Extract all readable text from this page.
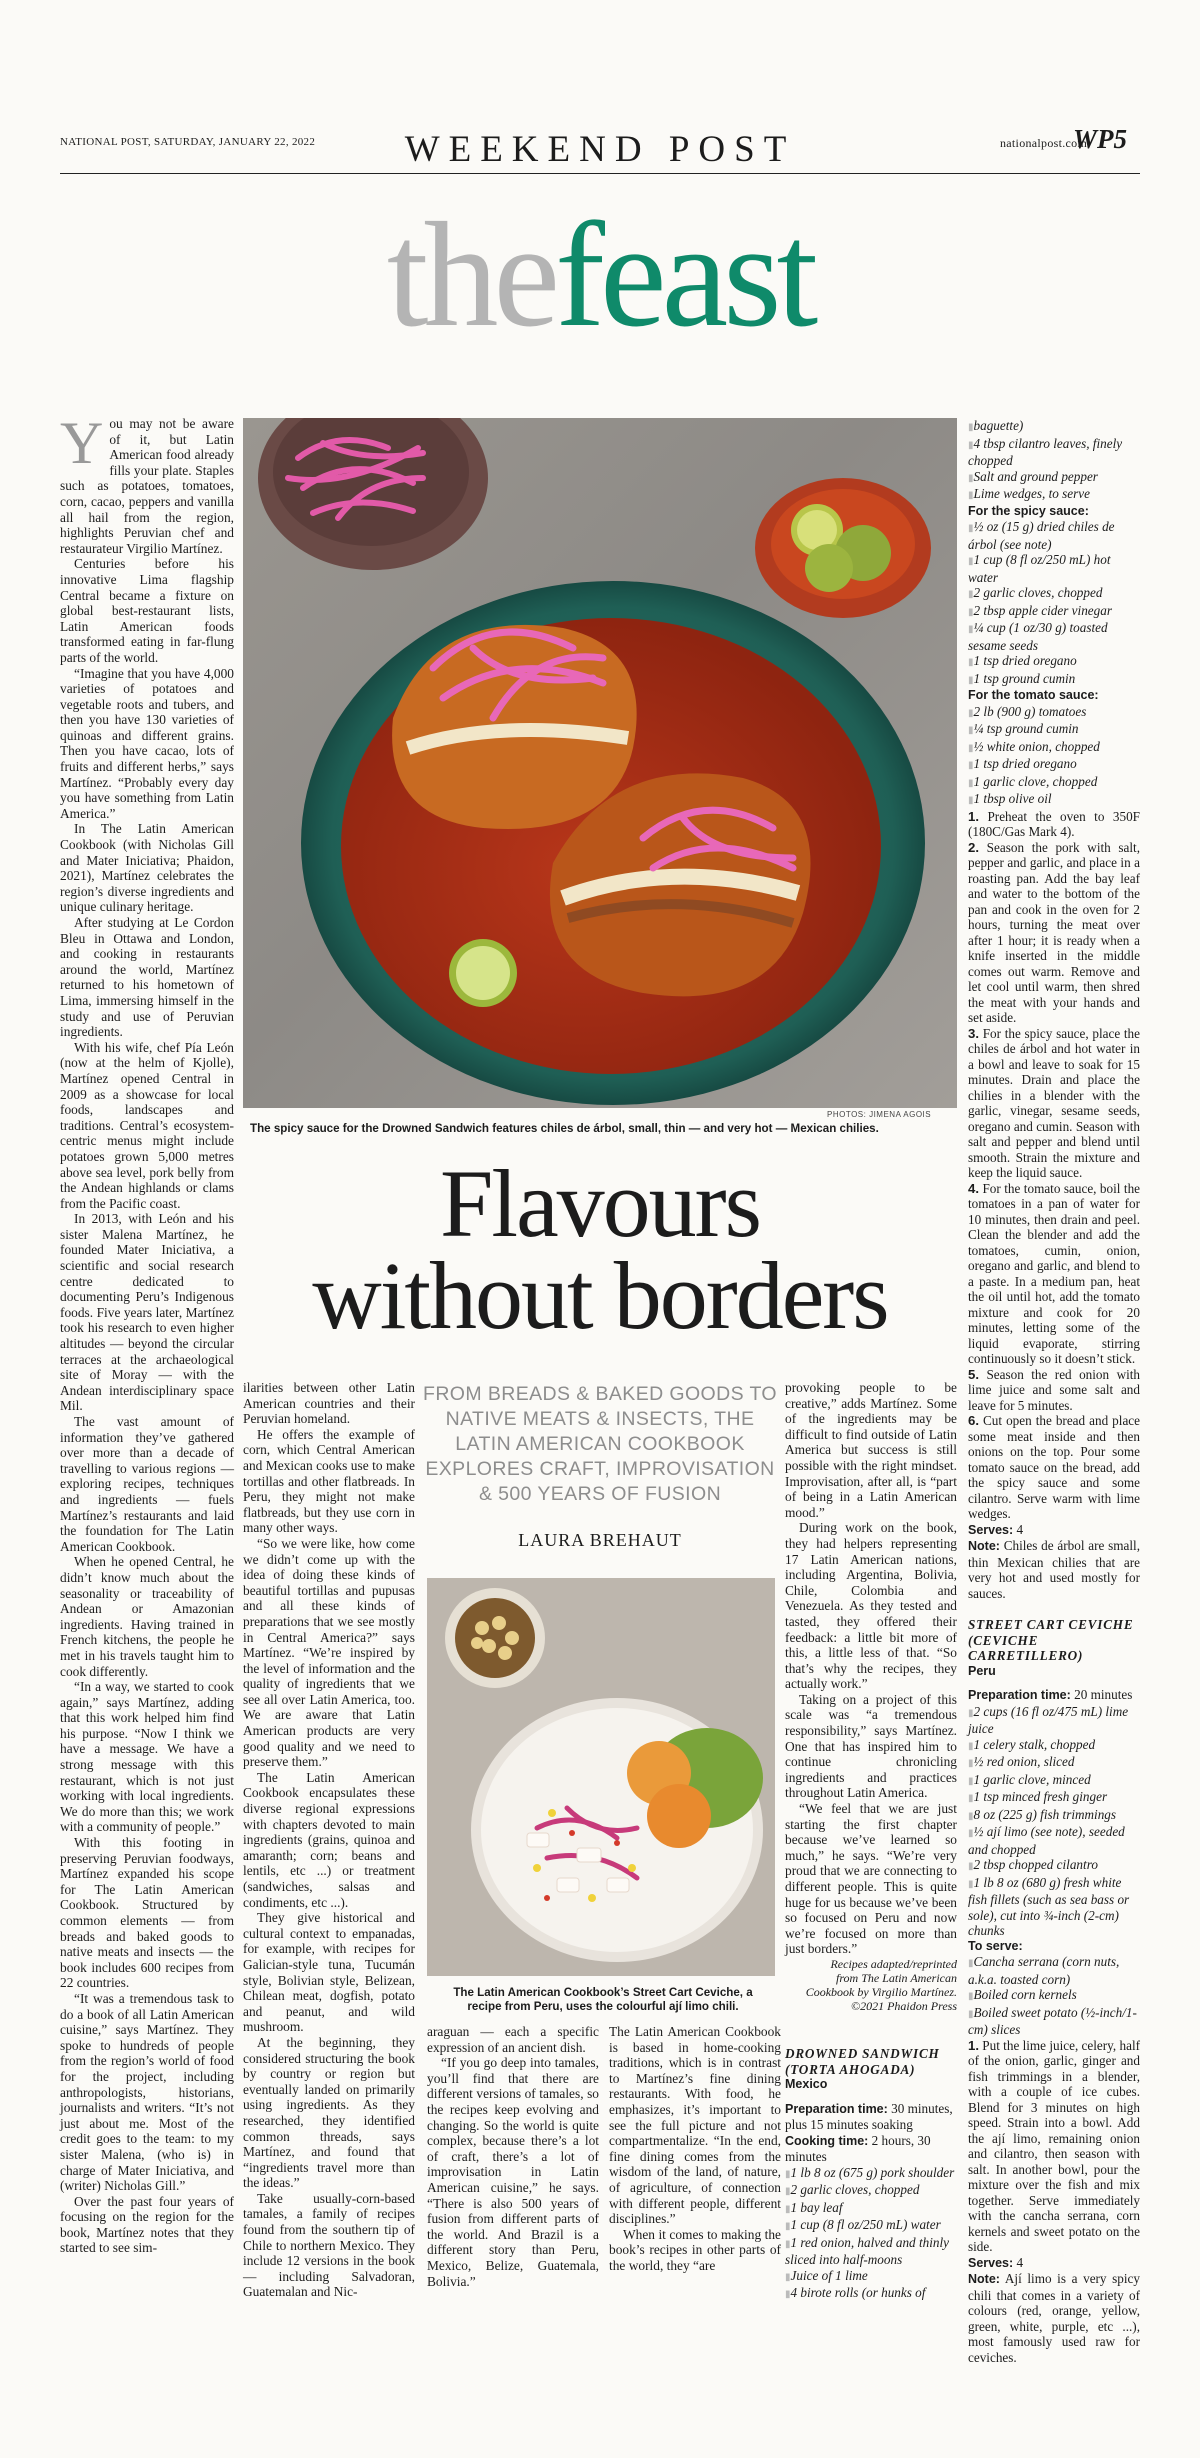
NATIONAL POST, SATURDAY, JANUARY 22, 2022	WEEKEND POST	nationalpost.com
WP5
thefeast
Y ou may not be aware of it, but Latin American food already fills your plate. Staples such as potatoes, tomatoes, corn, cacao, peppers and vanilla all hail from the region, highlights Peruvian chef and restaurateur Virgilio Martínez.

Centuries before his innovative Lima flagship Central became a fixture on global best-restaurant lists, Latin American foods transformed eating in far-flung parts of the world.

“Imagine that you have 4,000 varieties of potatoes and vegetable roots and tubers, and then you have 130 varieties of quinoas and different grains. Then you have cacao, lots of fruits and different herbs,” says Martínez. “Probably every day you have something from Latin America.”

In The Latin American Cookbook (with Nicholas Gill and Mater Iniciativa; Phaidon, 2021), Martínez celebrates the region’s diverse ingredients and unique culinary heritage.

After studying at Le Cordon Bleu in Ottawa and London, and cooking in restaurants around the world, Martínez returned to his hometown of Lima, immersing himself in the study and use of Peruvian ingredients.

With his wife, chef Pía León (now at the helm of Kjolle), Martínez opened Central in 2009 as a showcase for local foods, landscapes and traditions. Central’s ecosystem-centric menus might include potatoes grown 5,000 metres above sea level, pork belly from the Andean highlands or clams from the Pacific coast.

In 2013, with León and his sister Malena Martínez, he founded Mater Iniciativa, a scientific and social research centre dedicated to documenting Peru’s Indigenous foods. Five years later, Martínez took his research to even higher altitudes — beyond the circular terraces at the archaeological site of Moray — with the Andean interdisciplinary space Mil.

The vast amount of information they’ve gathered over more than a decade of travelling to various regions — exploring recipes, techniques and ingredients — fuels Martínez’s restaurants and laid the foundation for The Latin American Cookbook.

When he opened Central, he didn’t know much about the seasonality or traceability of Andean or Amazonian ingredients. Having trained in French kitchens, the people he met in his travels taught him to cook differently.

“In a way, we started to cook again,” says Martínez, adding that this work helped him find his purpose. “Now I think we have a message. We have a strong message with this restaurant, which is not just working with local ingredients. We do more than this; we work with a community of people.”

With this footing in preserving Peruvian foodways, Martínez expanded his scope for The Latin American Cookbook. Structured by common elements — from breads and baked goods to native meats and insects — the book includes 600 recipes from 22 countries.

“It was a tremendous task to do a book of all Latin American cuisine,” says Martínez. They spoke to hundreds of people from the region’s world of food for the project, including anthropologists, historians, journalists and writers. “It’s not just about me. Most of the credit goes to the team: to my sister Malena, (who is) in charge of Mater Iniciativa, and (writer) Nicholas Gill.”

Over the past four years of focusing on the region for the book, Martínez notes that they started to see sim-

PHOTOS: JIMENA AGOIS
The spicy sauce for the Drowned Sandwich features chiles de árbol, small, thin — and very hot — Mexican chilies.
Flavours
without borders
FROM BREADS & BAKED GOODS TO NATIVE MEATS & INSECTS, THE LATIN AMERICAN COOKBOOK EXPLORES CRAFT, IMPROVISATION & 500 YEARS OF FUSION
LAURA BREHAUT

ilarities between other Latin American countries and their Peruvian homeland.

He offers the example of corn, which Central American and Mexican cooks use to make tortillas and other flatbreads. In Peru, they might not make flatbreads, but they use corn in many other ways.

“So we were like, how come we didn’t come up with the idea of doing these kinds of beautiful tortillas and pupusas and all these kinds of preparations that we see mostly in Central America?” says Martínez. “We’re inspired by the level of information and the quality of ingredients that we see all over Latin America, too. We are aware that Latin American products are very good quality and we need to preserve them.”

The Latin American Cookbook encapsulates these diverse regional expressions with chapters devoted to main ingredients (grains, quinoa and amaranth; corn; beans and lentils, etc ...) or treatment (sandwiches, salsas and condiments, etc ...).

They give historical and cultural context to empanadas, for example, with recipes for Galician-style tuna, Tucumán style, Bolivian style, Belizean, Chilean meat, dogfish, potato and peanut, and wild mushroom.

At the beginning, they considered structuring the book by country or region but eventually landed on primarily using ingredients. As they researched, they identified common threads, says Martínez, and found that “ingredients travel more than the ideas.”

Take usually-corn-based tamales, a family of recipes found from the southern tip of Chile to northern Mexico. They include 12 versions in the book — including Salvadoran, Guatemalan and Nic-

The Latin American Cookbook’s Street Cart Ceviche, a recipe from Peru, uses the colourful ají limo chili.

araguan — each a specific expression of an ancient dish.

“If you go deep into tamales, you’ll find that there are different versions of tamales, so the recipes keep evolving and changing. So the world is quite complex, because there’s a lot of craft, there’s a lot of improvisation in Latin American cuisine,” he says. “There is also 500 years of fusion from different parts of the world. And Brazil is a different story than Peru, Mexico, Belize, Guatemala, Bolivia.”

provoking people to be creative,” adds Martínez. Some of the ingredients may be difficult to find outside of Latin America but success is still possible with the right mindset. Improvisation, after all, is “part of being in a Latin American mood.”

During work on the book, they had helpers representing 17 Latin American nations, including Argentina, Bolivia, Chile, Colombia and Venezuela. As they tested and tasted, they offered their feedback: a little bit more of this, a little less of that. “So that’s why the recipes, they actually work.”

Taking on a project of this scale was “a tremendous responsibility,” says Martínez. One that has inspired him to continue chronicling ingredients and practices throughout Latin America.

“We feel that we are just starting the first chapter because we’ve learned so much,” he says. “We’re very proud that we are connecting to different people. This is quite huge for us because we’ve been so focused on Peru and now we’re focused on more than just borders.”

Recipes adapted/reprinted
from The Latin American
Cookbook by Virgilio Martínez.
©2021 Phaidon Press

The Latin American Cookbook is based in home-cooking traditions, which is in contrast to Martínez’s fine dining restaurants. With food, he emphasizes, it’s important to see the full picture and not compartmentalize. “In the end, fine dining comes from the wisdom of the land, of nature, of agriculture, of connection with different people, different disciplines.”

When it comes to making the book’s recipes in other parts of the world, they “are

DROWNED SANDWICH (TORTA AHOGADA)
Mexico
Preparation time: 30 minutes, plus 15 minutes soaking
Cooking time: 2 hours, 30 minutes
▮ 1 lb 8 oz (675 g) pork shoulder
▮ 2 garlic cloves, chopped
▮ 1 bay leaf
▮ 1 cup (8 fl oz/250 mL) water
▮ 1 red onion, halved and thinly sliced into half-moons
▮ Juice of 1 lime
▮ 4 birote rolls (or hunks of
▮ baguette)
▮ 4 tbsp cilantro leaves, finely chopped
▮ Salt and ground pepper
▮ Lime wedges, to serve
For the spicy sauce:
▮ ½ oz (15 g) dried chiles de árbol (see note)
▮ 1 cup (8 fl oz/250 mL) hot water
▮ 2 garlic cloves, chopped
▮ 2 tbsp apple cider vinegar
▮ ¼ cup (1 oz/30 g) toasted sesame seeds
▮ 1 tsp dried oregano
▮ 1 tsp ground cumin
For the tomato sauce:
▮ 2 lb (900 g) tomatoes
▮ ¼ tsp ground cumin
▮ ½ white onion, chopped
▮ 1 tsp dried oregano
▮ 1 garlic clove, chopped
▮ 1 tbsp olive oil
1. Preheat the oven to 350F (180C/Gas Mark 4).
2. Season the pork with salt, pepper and garlic, and place in a roasting pan. Add the bay leaf and water to the bottom of the pan and cook in the oven for 2 hours, turning the meat over after 1 hour; it is ready when a knife inserted in the middle comes out warm. Remove and let cool until warm, then shred the meat with your hands and set aside.
3. For the spicy sauce, place the chiles de árbol and hot water in a bowl and leave to soak for 15 minutes. Drain and place the chilies in a blender with the garlic, vinegar, sesame seeds, oregano and cumin. Season with salt and pepper and blend until smooth. Strain the mixture and keep the liquid sauce.
4. For the tomato sauce, boil the tomatoes in a pan of water for 10 minutes, then drain and peel. Clean the blender and add the tomatoes, cumin, onion, oregano and garlic, and blend to a paste. In a medium pan, heat the oil until hot, add the tomato mixture and cook for 20 minutes, letting some of the liquid evaporate, stirring continuously so it doesn’t stick.
5. Season the red onion with lime juice and some salt and leave for 5 minutes.
6. Cut open the bread and place some meat inside and then onions on the top. Pour some tomato sauce on the bread, add the spicy sauce and some cilantro. Serve warm with lime wedges.
Serves: 4
Note: Chiles de árbol are small, thin Mexican chilies that are very hot and used mostly for sauces.
STREET CART CEVICHE (CEVICHE CARRETILLERO)
Peru
Preparation time: 20 minutes
▮ 2 cups (16 fl oz/475 mL) lime juice
▮ 1 celery stalk, chopped
▮ ½ red onion, sliced
▮ 1 garlic clove, minced
▮ 1 tsp minced fresh ginger
▮ 8 oz (225 g) fish trimmings
▮ ½ ají limo (see note), seeded and chopped
▮ 2 tbsp chopped cilantro
▮ 1 lb 8 oz (680 g) fresh white fish fillets (such as sea bass or sole), cut into ¾-inch (2-cm) chunks
To serve:
▮ Cancha serrana (corn nuts, a.k.a. toasted corn)
▮ Boiled corn kernels
▮ Boiled sweet potato (½-inch/1-cm) slices
1. Put the lime juice, celery, half of the onion, garlic, ginger and fish trimmings in a blender, with a couple of ice cubes. Blend for 3 minutes on high speed. Strain into a bowl. Add the ají limo, remaining onion and cilantro, then season with salt. In another bowl, pour the mixture over the fish and mix together. Serve immediately with the cancha serrana, corn kernels and sweet potato on the side.
Serves: 4
Note: Ají limo is a very spicy chili that comes in a variety of colours (red, orange, yellow, green, white, purple, etc ...), most famously used raw for ceviches.
